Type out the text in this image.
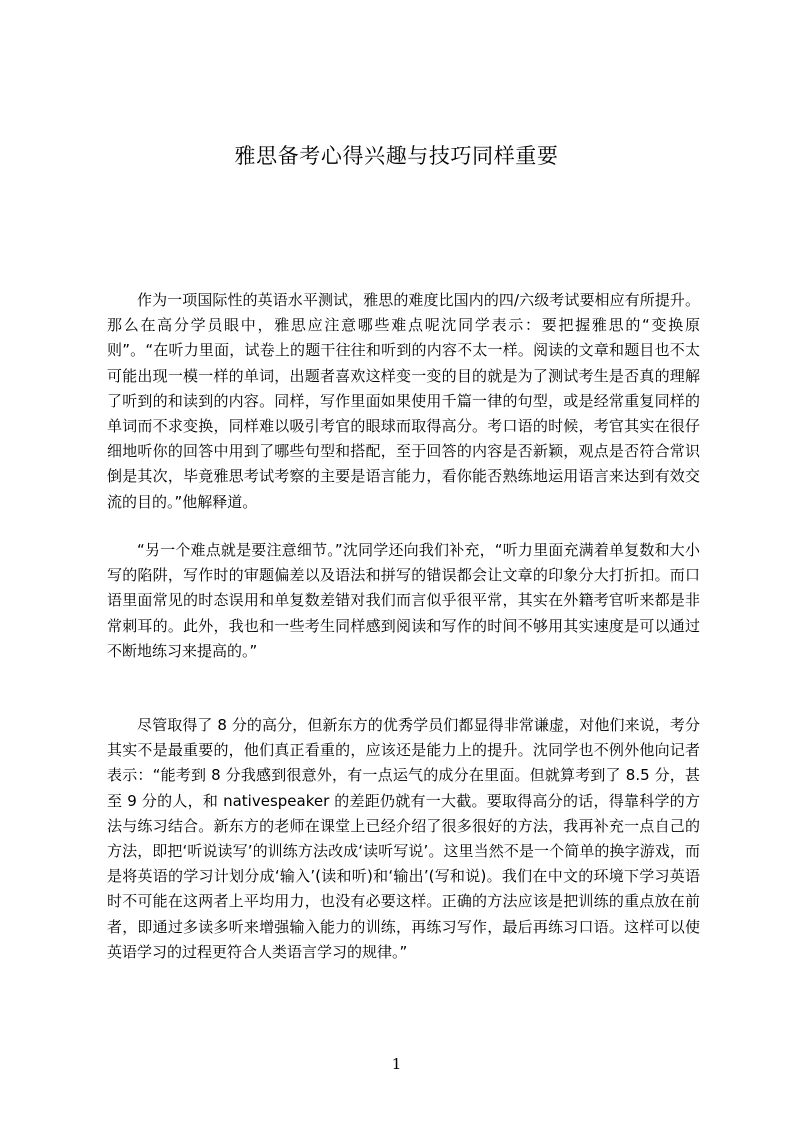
雅思备考心得兴趣与技巧同样重要

作为一项国际性的英语水平测试，雅思的难度比国内的四/六级考试要相应有所提升。那么在高分学员眼中，雅思应注意哪些难点呢沈同学表示：要把握雅思的“变换原则”。“在听力里面，试卷上的题干往往和听到的内容不太一样。阅读的文章和题目也不太可能出现一模一样的单词，出题者喜欢这样变一变的目的就是为了测试考生是否真的理解了听到的和读到的内容。同样，写作里面如果使用千篇一律的句型，或是经常重复同样的单词而不求变换，同样难以吸引考官的眼球而取得高分。考口语的时候，考官其实在很仔细地听你的回答中用到了哪些句型和搭配，至于回答的内容是否新颖，观点是否符合常识倒是其次，毕竟雅思考试考察的主要是语言能力，看你能否熟练地运用语言来达到有效交流的目的。”他解释道。

“另一个难点就是要注意细节。”沈同学还向我们补充，“听力里面充满着单复数和大小写的陷阱，写作时的审题偏差以及语法和拼写的错误都会让文章的印象分大打折扣。而口语里面常见的时态误用和单复数差错对我们而言似乎很平常，其实在外籍考官听来都是非常刺耳的。此外，我也和一些考生同样感到阅读和写作的时间不够用其实速度是可以通过不断地练习来提高的。”

尽管取得了 8 分的高分，但新东方的优秀学员们都显得非常谦虚，对他们来说，考分其实不是最重要的，他们真正看重的，应该还是能力上的提升。沈同学也不例外他向记者表示：“能考到 8 分我感到很意外，有一点运气的成分在里面。但就算考到了 8.5 分，甚至 9 分的人，和 nativespeaker 的差距仍就有一大截。要取得高分的话，得靠科学的方法与练习结合。新东方的老师在课堂上已经介绍了很多很好的方法，我再补充一点自己的方法，即把‘听说读写’的训练方法改成‘读听写说’。这里当然不是一个简单的换字游戏，而是将英语的学习计划分成‘输入’(读和听)和‘输出’(写和说)。我们在中文的环境下学习英语时不可能在这两者上平均用力，也没有必要这样。正确的方法应该是把训练的重点放在前者，即通过多读多听来增强输入能力的训练，再练习写作，最后再练习口语。这样可以使英语学习的过程更符合人类语言学习的规律。”

1
